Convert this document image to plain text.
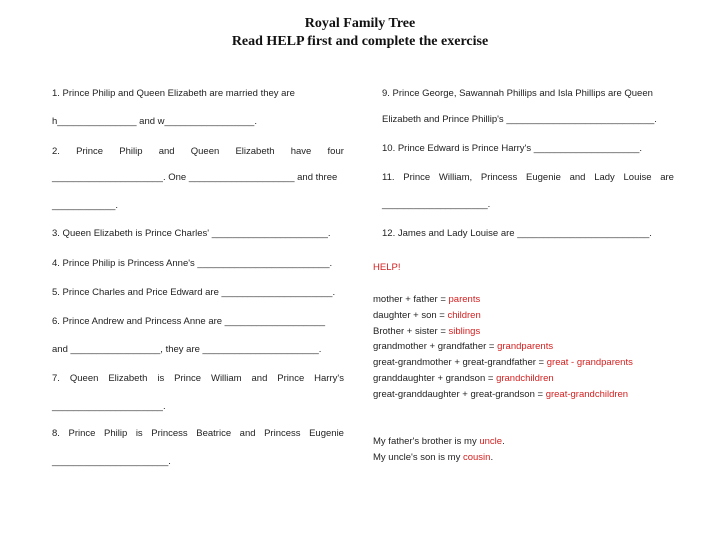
Royal Family Tree
Read HELP first and complete the exercise
1. Prince Philip and Queen Elizabeth are married they are
h_______________ and w_________________.
2. Prince Philip and Queen Elizabeth have four
_____________________. One ____________________ and three
____________.
3. Queen Elizabeth is Prince Charles' ______________________.
4. Prince Philip is Princess Anne's _________________________.
5. Prince Charles and Price Edward are _____________________.
6. Prince Andrew and Princess Anne are ___________________
and _________________, they are ______________________.
7. Queen Elizabeth is Prince William and Prince Harry's
_____________________.
8. Prince Philip is Princess Beatrice and Princess Eugenie
______________________.
9. Prince George, Sawannah Phillips and Isla Phillips are Queen
Elizabeth and Prince Phillip's ____________________________.
10. Prince Edward is Prince Harry's ____________________.
11. Prince William, Princess Eugenie and Lady Louise are
____________________.
12. James and Lady Louise are _________________________.
HELP!
mother + father = parents
daughter + son = children
Brother + sister = siblings
grandmother + grandfather = grandparents
great-grandmother + great-grandfather = great - grandparents
granddaughter + grandson = grandchildren
great-granddaughter + great-grandson = great-grandchildren
My father's brother is my uncle.
My uncle's son is my cousin.
